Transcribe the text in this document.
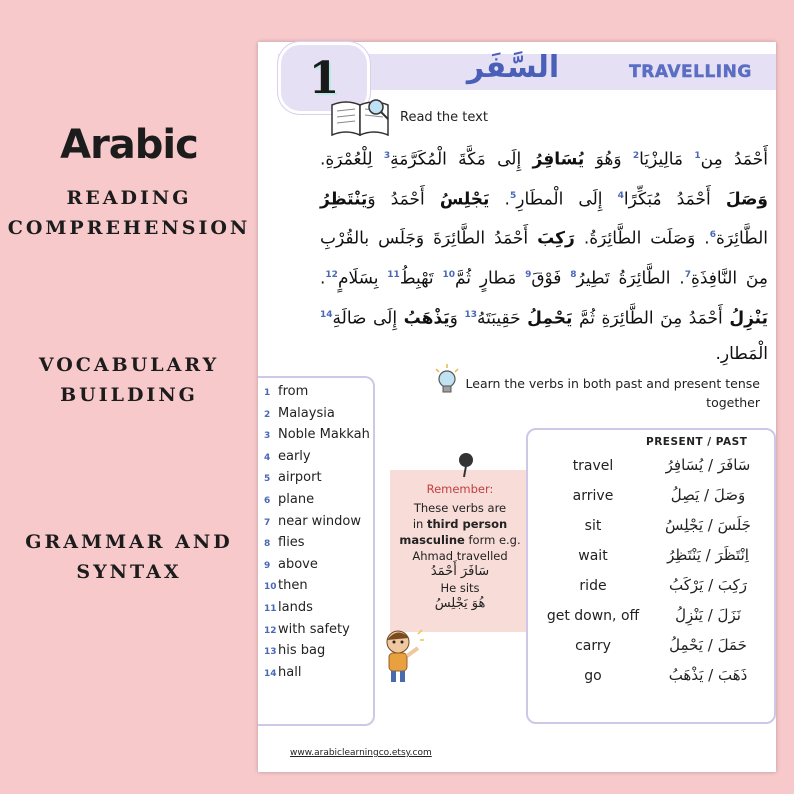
Arabic
READING
COMPREHENSION
VOCABULARY
BUILDING
GRAMMAR AND
SYNTAX
1	السَّفَر	TRAVELLING
Read the text
أَحْمَدُ مِن$^1$ مَالِيزْيَا$^2$ وَهُوَ يُسَافِرُ إِلَى مَكَّةَ الْمُكَرَّمَةِ$^3$ لِلْعُمْرَةِ. وَصَلَ أَحْمَدُ مُبَكِّرًا$^4$ إِلَى الْمطَارِ$^5$. يَجْلِسُ أَحْمَدُ وَيَنْتَظِرُ الطَّائِرَة$^6$. وَصَلَت الطَّائِرَةُ. رَكِبَ أَحْمَدُ الطَّائِرَةَ وَجَلَس بالقُرْبِ مِنَ النَّافِذَةِ$^7$. الطَّائِرَةُ تَطِيرُ$^8$ فَوْقَ$^9$ مَطارٍ ثُمَّ$^{10}$ تَهْبِطُ$^{11}$ بِسَلَامٍ$^{12}$. يَنْزِلُ أَحْمَدُ مِنَ الطَّائِرَةِ ثُمَّ يَحْمِلُ حَقِيبَتَهُ$^{13}$ وَيَذْهَبُ إِلَى صَالَةِ$^{14}$ الْمَطارِ.
Learn the verbs in both past and present tense together
1 from
2 Malaysia
3 Noble Makkah
4 early
5 airport
6 plane
7 near window
8 flies
9 above
10then
11lands
12with safety
13his bag
14hall
Remember:
These verbs are
in third person
masculine form e.g.
Ahmad travelled
سَافَرَ أَحْمَدُ
He sits
هُوَ يَجْلِسُ
PRESENT / PAST
travel	سَافَرَ / يُسَافِرُ
arrive	وَصَلَ / يَصِلُ
sit	جَلَسَ / يَجْلِسُ
wait	اِنْتَظَرَ / يَنْتَظِرُ
ride	رَكِبَ / يَرْكَبُ
get down, off	نَزَلَ / يَنْزِلُ
carry	حَمَلَ / يَحْمِلُ
go	ذَهَبَ / يَذْهَبُ
www.arabiclearningco.etsy.com
